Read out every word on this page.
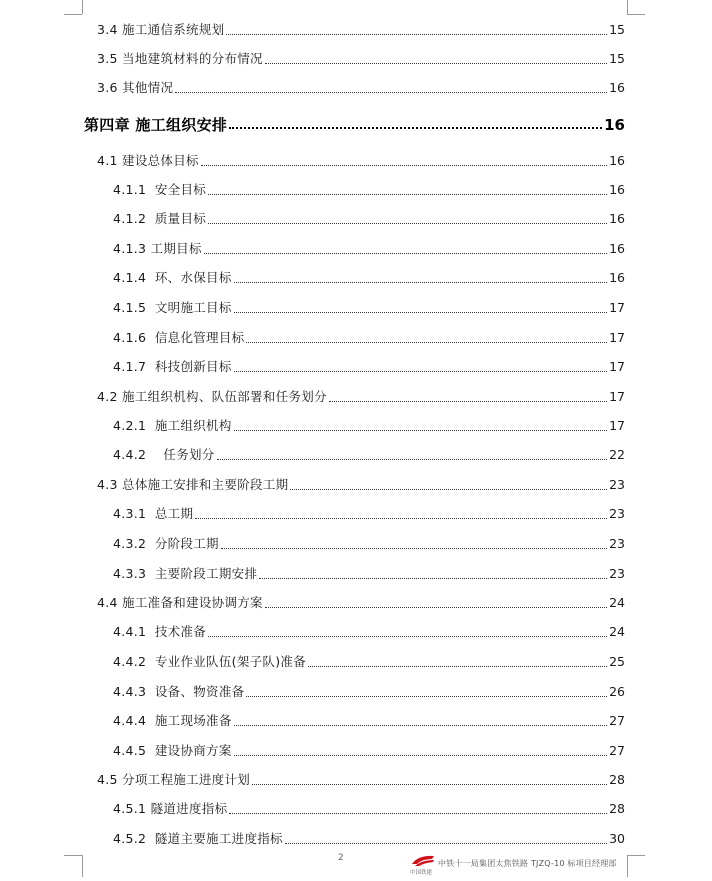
3.4 施工通信系统规划	15
3.5 当地建筑材料的分布情况	15
3.6 其他情况	16
第四章 施工组织安排	16
4.1 建设总体目标	16
4.1.1  安全目标	16
4.1.2  质量目标	16
4.1.3 工期目标	16
4.1.4  环、水保目标	16
4.1.5  文明施工目标	17
4.1.6  信息化管理目标	17
4.1.7  科技创新目标	17
4.2 施工组织机构、队伍部署和任务划分	17
4.2.1  施工组织机构	17
4.4.2    任务划分	22
4.3 总体施工安排和主要阶段工期	23
4.3.1  总工期	23
4.3.2  分阶段工期	23
4.3.3  主要阶段工期安排	23
4.4 施工准备和建设协调方案	24
4.4.1  技术准备	24
4.4.2  专业作业队伍(架子队)准备	25
4.4.3  设备、物资准备	26
4.4.4  施工现场准备	27
4.4.5  建设协商方案	27
4.5 分项工程施工进度计划	28
4.5.1 隧道进度指标	28
4.5.2  隧道主要施工进度指标	30
2
中国铁建
中铁十一局集团太焦铁路 TJZQ-10 标项目经理部
